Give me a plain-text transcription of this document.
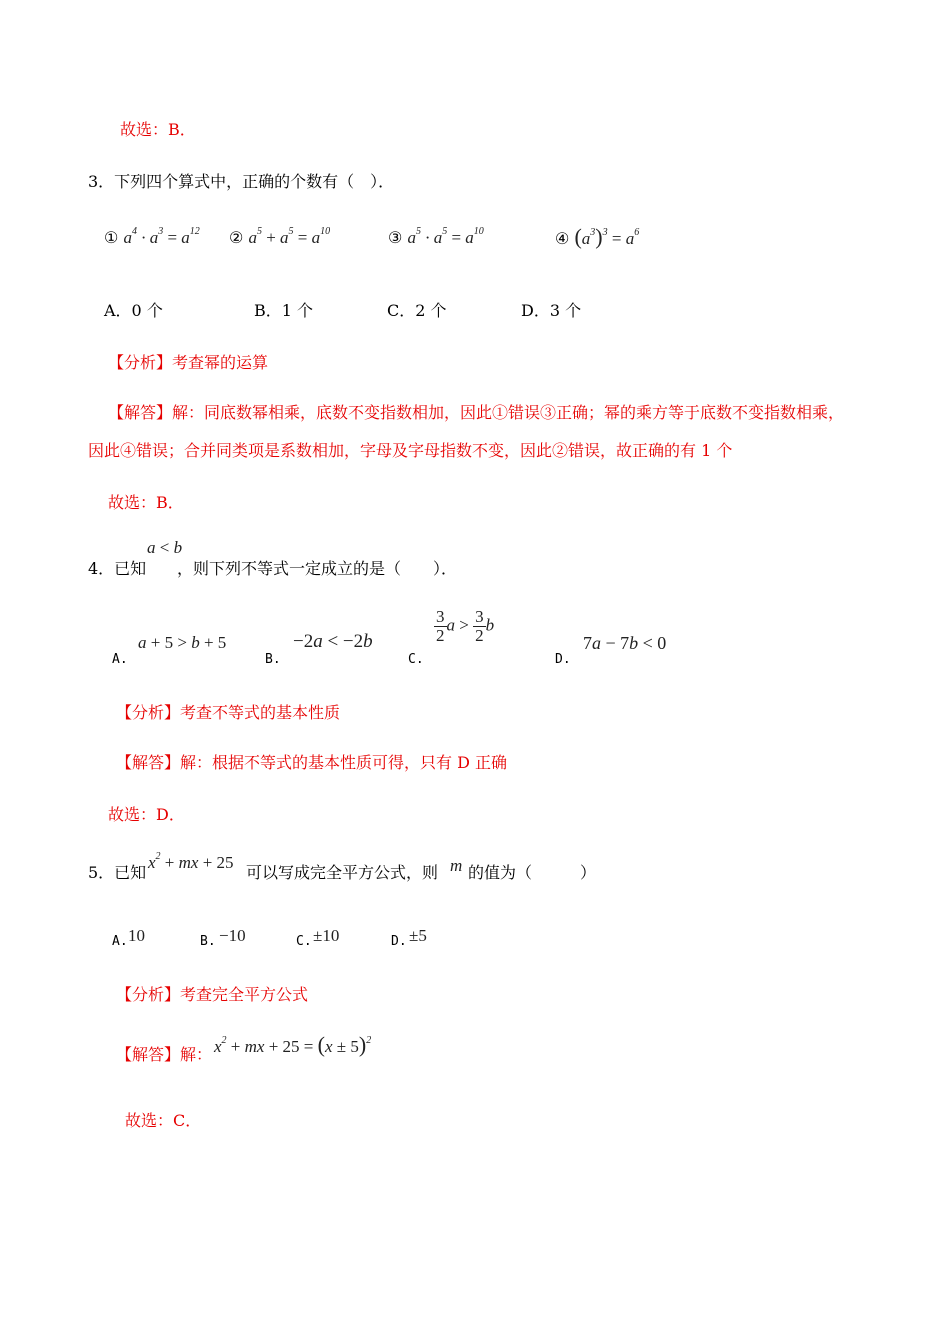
故选：B．
3．下列四个算式中，正确的个数有（　）．
① $a^4 \cdot a^3 = a^{12}$ ② $a^5 + a^5 = a^{10}$	③ $a^5 \cdot a^5 = a^{10}$	④ $(a^3)^3 = a^6$
A．0 个	B．1 个	C．2 个	D．3 个
【分析】考查幂的运算
【解答】解：同底数幂相乘，底数不变指数相加，因此①错误③正确；幂的乘方等于底数不变指数相乘，
因此④错误；合并同类项是系数相加，字母及字母指数不变，因此②错误，故正确的有 1 个
故选：B．
4．已知
a < b
，则下列不等式一定成立的是（　　）．
A.
a + 5 > b + 5
B.
−2a < −2b
C.
$\frac{3}{2}$ $a > \frac{3}{2}$ b
D.
7a − 7b < 0
【分析】考查不等式的基本性质
【解答】解：根据不等式的基本性质可得，只有 D 正确
故选：D．
5．已知
$x^2$ + mx + 25
可以写成完全平方公式，则 m 的值为（　　　）
A. 10	B. −10	C. ±10	D. ±5
【分析】考查完全平方公式
【解答】解： $x^2$ + mx + $25 = (x \pm 5)^2$
故选：C．
